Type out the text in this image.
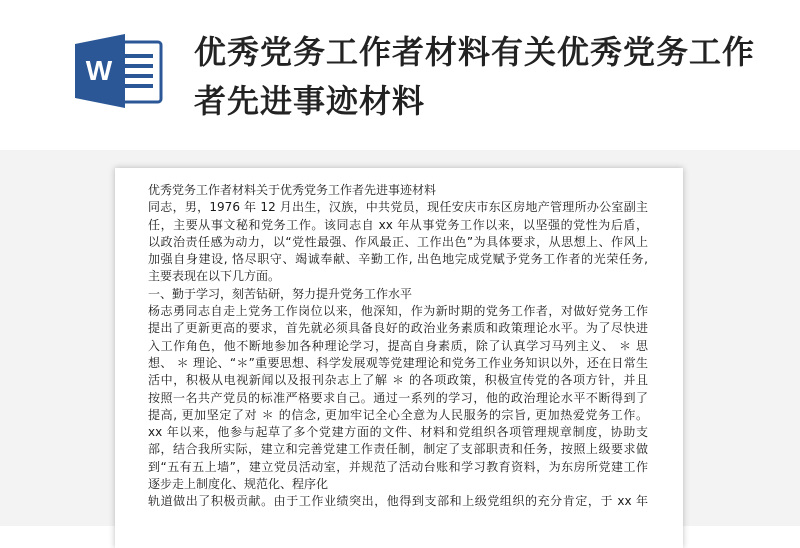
W	优秀党务工作者材料有关优秀党务工作者先进事迹材料

优秀党务工作者材料关于优秀党务工作者先进事迹材料

同志，男，1976 年 12 月出生，汉族，中共党员，现任安庆市东区房地产管理所办公室副主

任，主要从事文秘和党务工作。该同志自 xx 年从事党务工作以来，以坚强的党性为后盾，

以政治责任感为动力，以“党性最强、作风最正、工作出色”为具体要求，从思想上、作风上

加强自身建设, 恪尽职守、竭诚奉献、辛勤工作, 出色地完成党赋予党务工作者的光荣任务,

主要表现在以下几方面。

一、勤于学习，刻苦钻研，努力提升党务工作水平

杨志勇同志自走上党务工作岗位以来，他深知，作为新时期的党务工作者，对做好党务工作

提出了更新更高的要求，首先就必须具备良好的政治业务素质和政策理论水平。为了尽快进

入工作角色，他不断地参加各种理论学习，提高自身素质，除了认真学习马列主义、 ＊ 思

想、 ＊ 理论、“＊”重要思想、科学发展观等党建理论和党务工作业务知识以外，还在日常生

活中，积极从电视新闻以及报刊杂志上了解 ＊ 的各项政策，积极宣传党的各项方针，并且

按照一名共产党员的标准严格要求自己。通过一系列的学习，他的政治理论水平不断得到了

提高, 更加坚定了对 ＊ 的信念, 更加牢记全心全意为人民服务的宗旨, 更加热爱党务工作。

xx 年以来，他参与起草了多个党建方面的文件、材料和党组织各项管理规章制度，协助支

部，结合我所实际，建立和完善党建工作责任制，制定了支部职责和任务，按照上级要求做

到“五有五上墙”，建立党员活动室，并规范了活动台账和学习教育资料，为东房所党建工作

逐步走上制度化、规范化、程序化

轨道做出了积极贡献。由于工作业绩突出，他得到支部和上级党组织的充分肯定，于 xx 年
